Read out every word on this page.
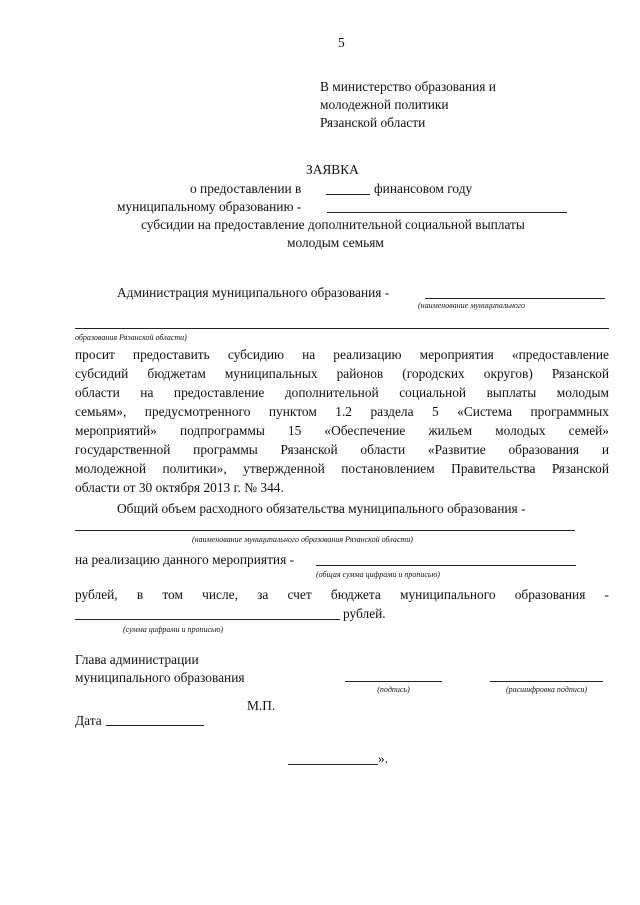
5
В министерство образования и
молодежной политики
Рязанской области
ЗАЯВКА
о предоставлении в	финансовом году
муниципальному образованию -
субсидии на предоставление дополнительной социальной выплаты
молодым семьям
Администрация муниципального образования -
(наименование муниципального
образования Рязанской области)
просит предоставить субсидию на реализацию мероприятия «предоставление
субсидий бюджетам муниципальных районов (городских округов) Рязанской
области на предоставление дополнительной социальной выплаты молодым
семьям», предусмотренного пунктом 1.2 раздела 5 «Система программных
мероприятий» подпрограммы 15 «Обеспечение жильем молодых семей»
государственной программы Рязанской области «Развитие образования и
молодежной политики», утвержденной постановлением Правительства Рязанской
области от 30 октября 2013 г. № 344.
Общий объем расходного обязательства муниципального образования -
(наименование муниципального образования Рязанской области)
на реализацию данного мероприятия -
(общая сумма цифрами и прописью)
рублей, в том числе, за счет бюджета муниципального образования -
рублей.
(сумма цифрами и прописью)
Глава администрации
муниципального образования
(подпись)	(расшифровка подписи)
М.П.
Дата
».
